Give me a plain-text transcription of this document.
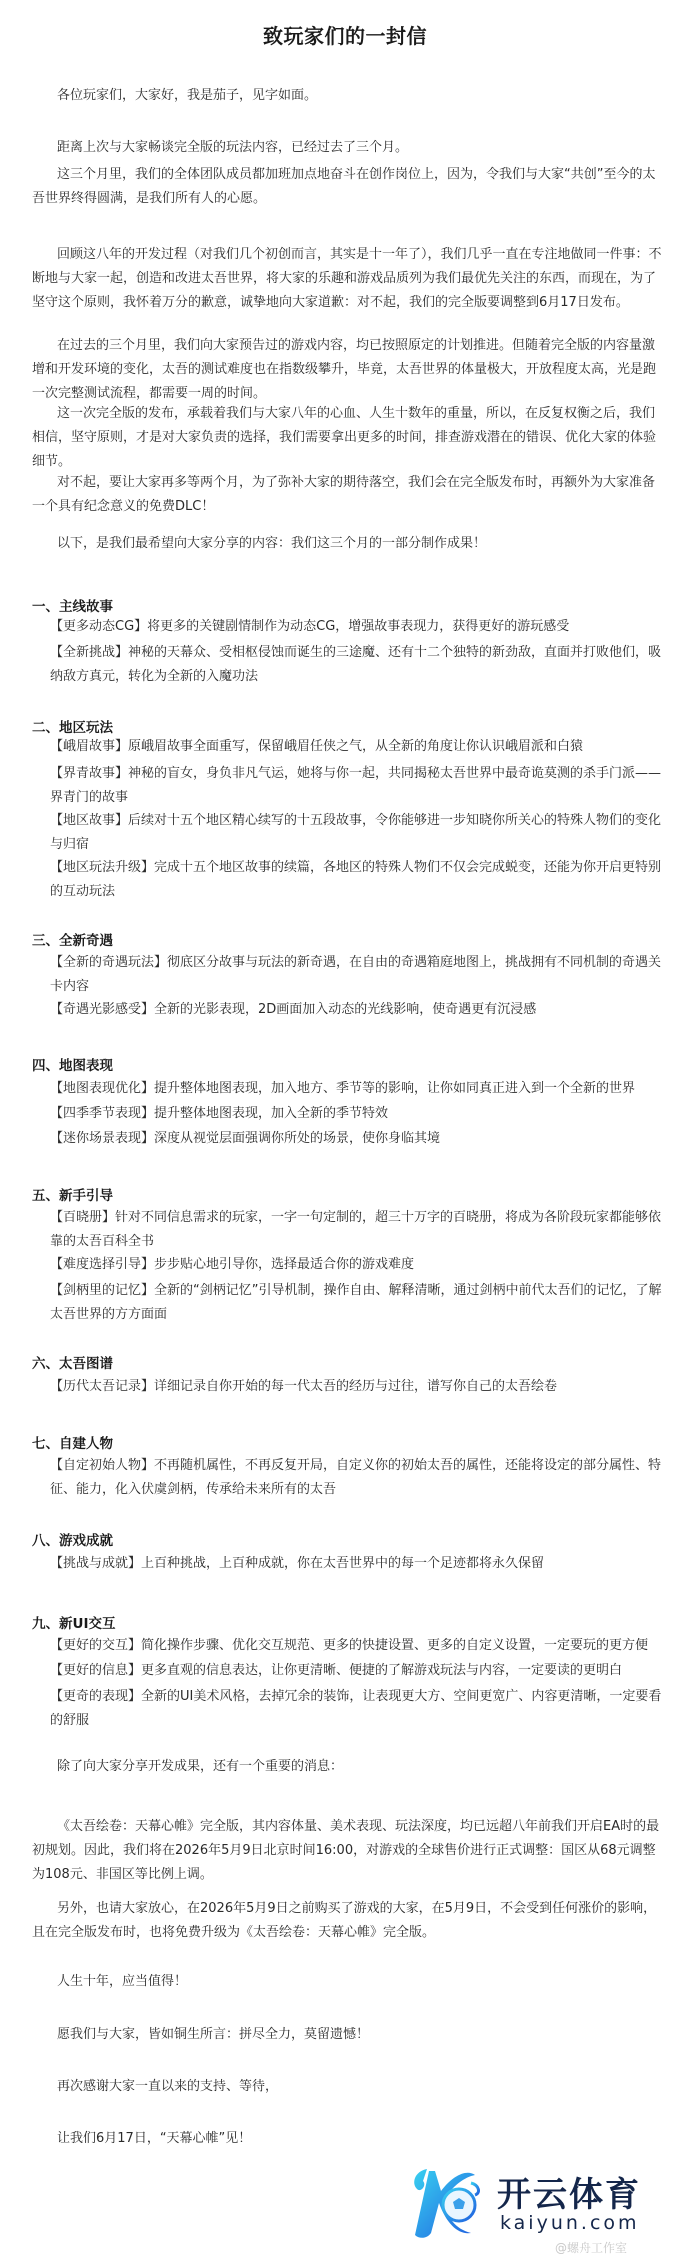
致玩家们的一封信
各位玩家们，大家好，我是茄子，见字如面。
距离上次与大家畅谈完全版的玩法内容，已经过去了三个月。
这三个月里，我们的全体团队成员都加班加点地奋斗在创作岗位上，因为，令我们与大家“共创”至今的太吾世界终得圆满，是我们所有人的心愿。
回顾这八年的开发过程（对我们几个初创而言，其实是十一年了），我们几乎一直在专注地做同一件事：不断地与大家一起，创造和改进太吾世界，将大家的乐趣和游戏品质列为我们最优先关注的东西，而现在，为了坚守这个原则，我怀着万分的歉意，诚挚地向大家道歉：对不起，我们的完全版要调整到6月17日发布。
在过去的三个月里，我们向大家预告过的游戏内容，均已按照原定的计划推进。但随着完全版的内容量激增和开发环境的变化，太吾的测试难度也在指数级攀升，毕竟，太吾世界的体量极大，开放程度太高，光是跑一次完整测试流程，都需要一周的时间。
这一次完全版的发布，承载着我们与大家八年的心血、人生十数年的重量，所以，在反复权衡之后，我们相信，坚守原则，才是对大家负责的选择，我们需要拿出更多的时间，排查游戏潜在的错误、优化大家的体验细节。
对不起，要让大家再多等两个月，为了弥补大家的期待落空，我们会在完全版发布时，再额外为大家准备一个具有纪念意义的免费DLC！
以下，是我们最希望向大家分享的内容：我们这三个月的一部分制作成果！
一、主线故事
【更多动态CG】将更多的关键剧情制作为动态CG，增强故事表现力，获得更好的游玩感受
【全新挑战】神秘的天幕众、受相枢侵蚀而诞生的三途魔、还有十二个独特的新劲敌，直面并打败他们，吸纳敌方真元，转化为全新的入魔功法
二、地区玩法
【峨眉故事】原峨眉故事全面重写，保留峨眉任侠之气，从全新的角度让你认识峨眉派和白猿
【界青故事】神秘的盲女，身负非凡气运，她将与你一起，共同揭秘太吾世界中最奇诡莫测的杀手门派——界青门的故事
【地区故事】后续对十五个地区精心续写的十五段故事，令你能够进一步知晓你所关心的特殊人物们的变化与归宿
【地区玩法升级】完成十五个地区故事的续篇，各地区的特殊人物们不仅会完成蜕变，还能为你开启更特别的互动玩法
三、全新奇遇
【全新的奇遇玩法】彻底区分故事与玩法的新奇遇，在自由的奇遇箱庭地图上，挑战拥有不同机制的奇遇关卡内容
【奇遇光影感受】全新的光影表现，2D画面加入动态的光线影响，使奇遇更有沉浸感
四、地图表现
【地图表现优化】提升整体地图表现，加入地方、季节等的影响，让你如同真正进入到一个全新的世界
【四季季节表现】提升整体地图表现，加入全新的季节特效
【迷你场景表现】深度从视觉层面强调你所处的场景，使你身临其境
五、新手引导
【百晓册】针对不同信息需求的玩家，一字一句定制的，超三十万字的百晓册，将成为各阶段玩家都能够依靠的太吾百科全书
【难度选择引导】步步贴心地引导你，选择最适合你的游戏难度
【剑柄里的记忆】全新的“剑柄记忆”引导机制，操作自由、解释清晰，通过剑柄中前代太吾们的记忆，了解太吾世界的方方面面
六、太吾图谱
【历代太吾记录】详细记录自你开始的每一代太吾的经历与过往，谱写你自己的太吾绘卷
七、自建人物
【自定初始人物】不再随机属性，不再反复开局，自定义你的初始太吾的属性，还能将设定的部分属性、特征、能力，化入伏虞剑柄，传承给未来所有的太吾
八、游戏成就
【挑战与成就】上百种挑战，上百种成就，你在太吾世界中的每一个足迹都将永久保留
九、新UI交互
【更好的交互】简化操作步骤、优化交互规范、更多的快捷设置、更多的自定义设置，一定要玩的更方便
【更好的信息】更多直观的信息表达，让你更清晰、便捷的了解游戏玩法与内容，一定要读的更明白
【更奇的表现】全新的UI美术风格，去掉冗余的装饰，让表现更大方、空间更宽广、内容更清晰，一定要看的舒服
除了向大家分享开发成果，还有一个重要的消息：
《太吾绘卷：天幕心帷》完全版，其内容体量、美术表现、玩法深度，均已远超八年前我们开启EA时的最初规划。因此，我们将在2026年5月9日北京时间16:00，对游戏的全球售价进行正式调整：国区从68元调整为108元、非国区等比例上调。
另外，也请大家放心，在2026年5月9日之前购买了游戏的大家，在5月9日，不会受到任何涨价的影响，且在完全版发布时，也将免费升级为《太吾绘卷：天幕心帷》完全版。
人生十年，应当值得！
愿我们与大家，皆如铜生所言：拼尽全力，莫留遗憾！
再次感谢大家一直以来的支持、等待，
让我们6月17日，“天幕心帷”见！
开云体育
kaiyun.com
@螺舟工作室
